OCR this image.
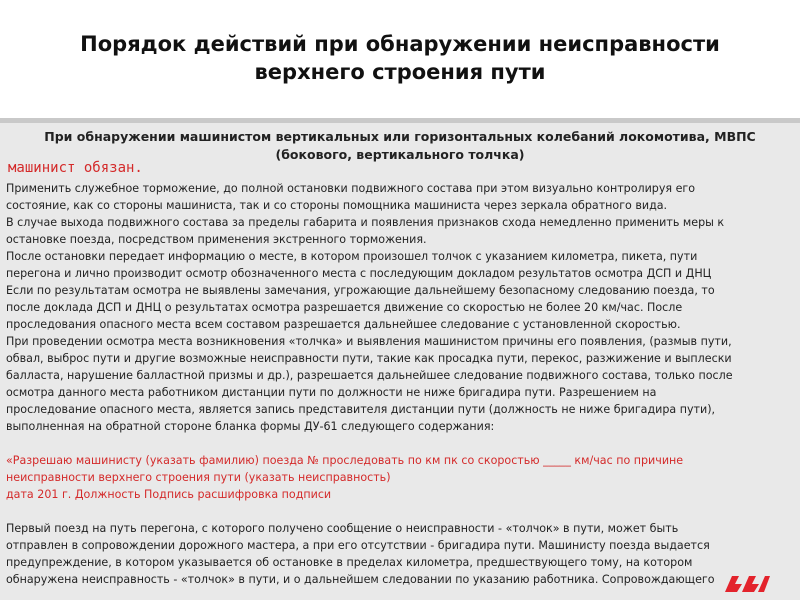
Порядок действий при обнаружении неисправности
верхнего строения пути
При обнаружении машинистом вертикальных или горизонтальных колебаний локомотива, МВПС
(бокового, вертикального толчка)
машинист обязан.

Применить служебное торможение, до полной остановки подвижного состава при этом визуально контролируя его

состояние, как со стороны машиниста, так и со стороны помощника машиниста через зеркала обратного вида.

В случае выхода подвижного состава за пределы габарита и появления признаков схода немедленно применить меры к

остановке поезда, посредством применения экстренного торможения.

После остановки передает информацию о месте, в котором произошел толчок с указанием километра, пикета, пути

перегона и лично производит осмотр обозначенного места с последующим докладом результатов осмотра ДСП и ДНЦ

Если по результатам осмотра не выявлены замечания, угрожающие дальнейшему безопасному следованию поезда, то

после доклада ДСП и ДНЦ о результатах осмотра разрешается движение со скоростью не более 20 км/час. После

проследования опасного места всем составом разрешается дальнейшее следование с установленной скоростью.

При проведении осмотра места возникновения «толчка» и выявления машинистом причины его появления, (размыв пути,

обвал, выброс пути и другие возможные неисправности пути, такие как просадка пути, перекос, разжижение и выплески

балласта, нарушение балластной призмы и др.), разрешается дальнейшее следование подвижного состава, только после

осмотра данного места работником дистанции пути по должности не ниже бригадира пути. Разрешением на

проследование опасного места, является запись представителя дистанции пути (должность не ниже бригадира пути),

выполненная на обратной стороне бланка формы ДУ-61 следующего содержания:

«Разрешаю машинисту (указать фамилию) поезда № проследовать по км пк со скоростью _____ км/час по причине

неисправности верхнего строения пути (указать неисправность)

дата 201 г. Должность Подпись расшифровка подписи

Первый поезд на путь перегона, с которого получено сообщение о неисправности - «толчок» в пути, может быть

отправлен в сопровождении дорожного мастера, а при его отсутствии - бригадира пути. Машинисту поезда выдается

предупреждение, в котором указывается об остановке в пределах километра, предшествующего тому, на котором

обнаружена неисправность - «толчок» в пути, и о дальнейшем следовании по указанию работника. Сопровождающего
